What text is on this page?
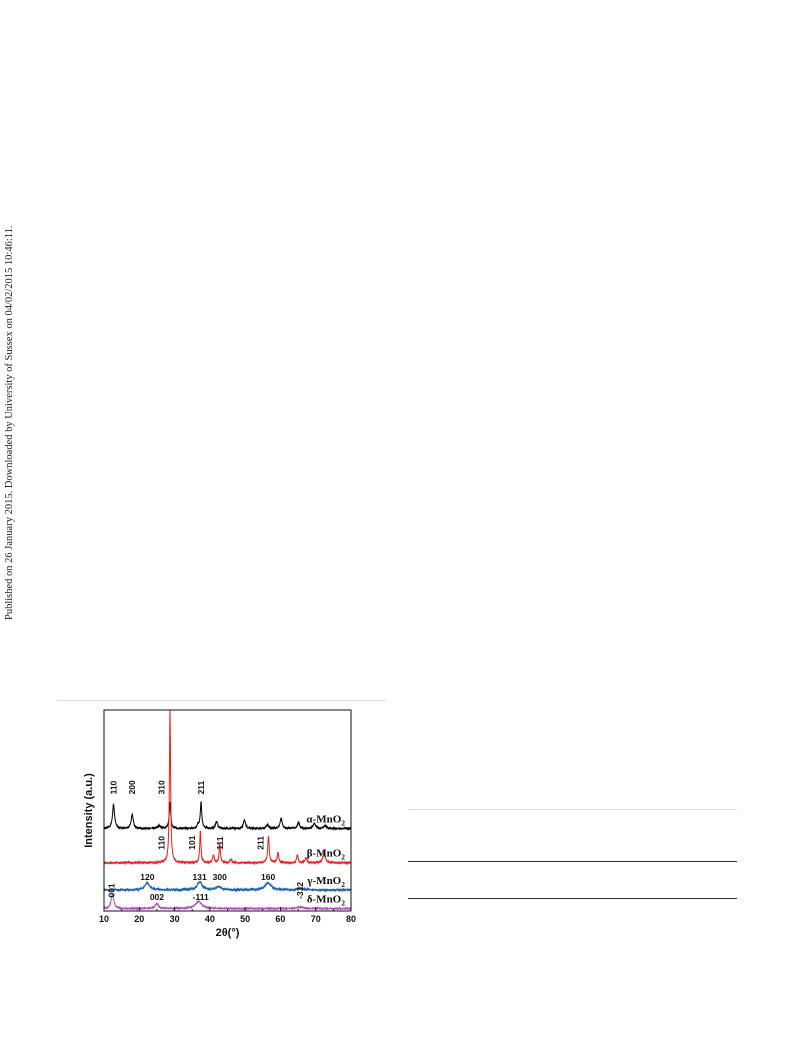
Published on 26 January 2015. Downloaded by University of Sussex on 04/02/2015 10:46:11.
α-MnO$_2$
β-MnO$_2$
γ-MnO$_2$
δ-MnO$_2$
110 200 310	211
110 101 111	211
120	131 300	160
001	002	-111	-312
10	20	30	40	50	60	70	80
2θ(°)
Intensity (a.u.)
